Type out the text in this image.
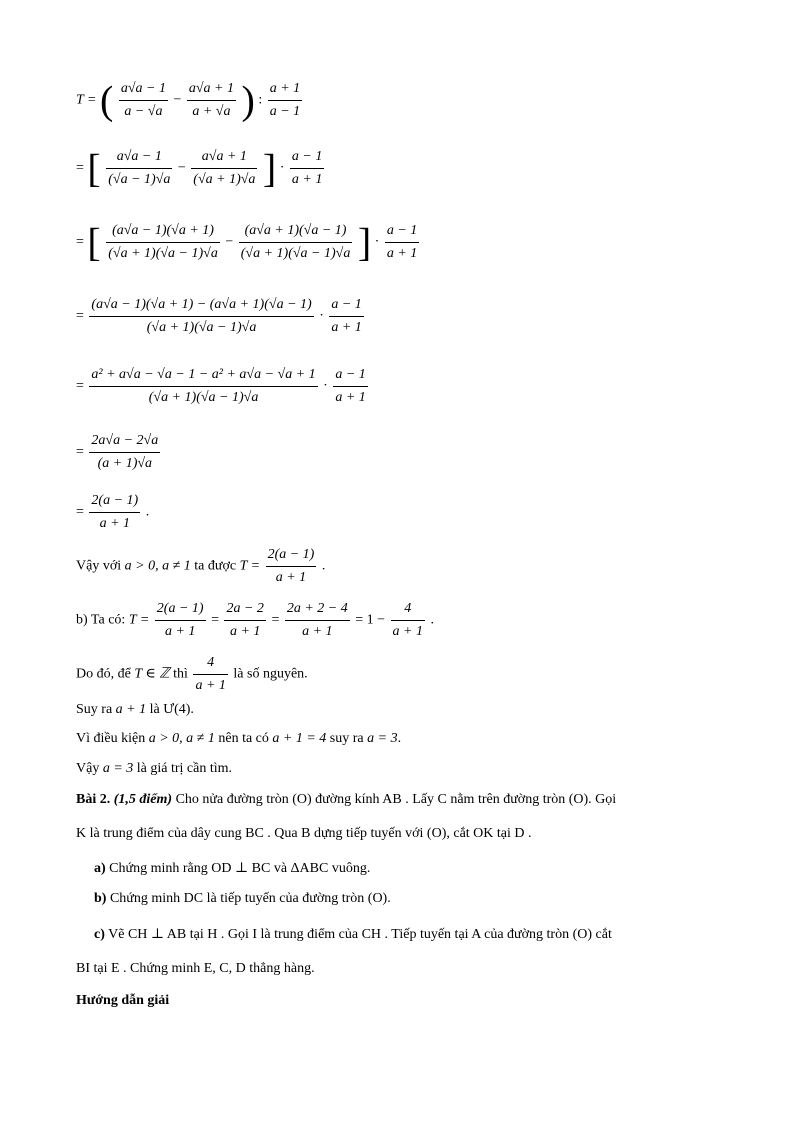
T = ( $\frac{a√a - 1}{a - √a} - \frac{a√a + 1}{a + √a}$ ) : $\frac{a + 1}{a - 1}$
= [ $\frac{a√a - 1}{(√a - 1)√a} - \frac{a√a + 1}{(√a + 1)√a}$ ] · $\frac{a - 1}{a + 1}$
= [ $\frac{(a√a - 1)(√a + 1)}{(√a + 1)(√a - 1)√a} - \frac{(a√a + 1)(√a - 1)}{(√a + 1)(√a - 1)√a}$ ] · $\frac{a - 1}{a + 1}$
= $\frac{(a√a - 1)(√a + 1) - (a√a + 1)(√a - 1)}{(√a + 1)(√a - 1)√a} \cdot \frac{a - 1}{a + 1}$
= $\frac{\text{a² + a√a − √a − 1 − a² + a√a − √a + 1}}{(√a + 1)(√a - 1)√a} \cdot \frac{a - 1}{a + 1}$
= $\frac{2a√a - 2√a}{(a + 1)√a}$
= $\frac{2(a - 1)}{a + 1}$ .
Vậy với a > 0, a ≠ 1 ta được $T = \frac{2(a - 1)}{a + 1}$ .
b) Ta có: $T = \frac{2(a - 1)}{a + 1} = \frac{2a - 2}{a + 1} = \frac{2a + 2 - 4}{a + 1} = 1 - \frac{4}{a + 1}$ .
Do đó, để T ∈ ℤ thì $\frac{4}{a + 1}$ là số nguyên.
Suy ra a + 1 là Ư(4).
Vì điều kiện a > 0, a ≠ 1 nên ta có a + 1 = 4 suy ra a = 3.
Vậy a = 3 là giá trị cần tìm.
Bài 2. (1,5 điểm) Cho nửa đường tròn (O) đường kính AB . Lấy C nằm trên đường tròn (O). Gọi
K là trung điểm của dây cung BC . Qua B dựng tiếp tuyến với (O), cắt OK tại D .
a) Chứng minh rằng OD ⊥ BC và ΔABC vuông.
b) Chứng minh DC là tiếp tuyến của đường tròn (O).
c) Vẽ CH ⊥ AB tại H . Gọi I là trung điểm của CH . Tiếp tuyến tại A của đường tròn (O) cắt
BI tại E . Chứng minh E, C, D thẳng hàng.
Hướng dẫn giải
